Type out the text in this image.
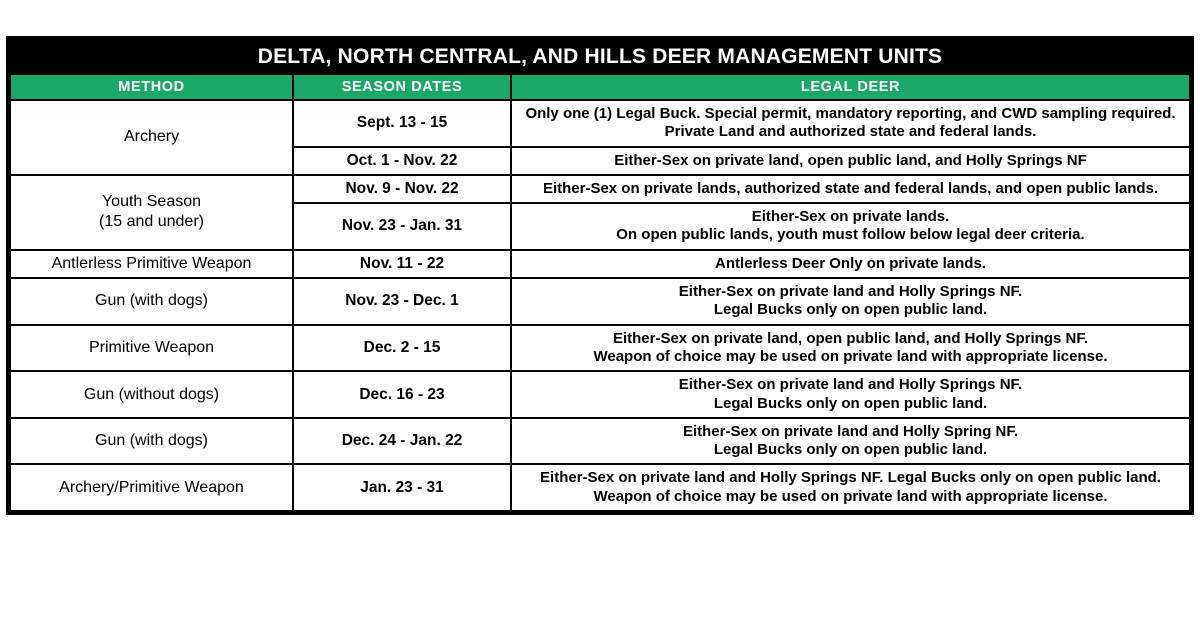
DELTA, NORTH CENTRAL, AND HILLS DEER MANAGEMENT UNITS		
METHOD	SEASON DATES	LEGAL DEER
Archery	Sept. 13 - 15	Only one (1) Legal Buck. Special permit, mandatory reporting, and CWD sampling required. Private Land and authorized state and federal lands.
	Oct. 1 - Nov. 22	Either-Sex on private land, open public land, and Holly Springs NF

Youth Season
(15 and under)	Nov. 9 - Nov. 22	Either-Sex on private lands, authorized state and federal lands, and open public lands.
	Nov. 23 - Jan. 31	Either-Sex on private lands.
On open public lands, youth must follow below legal deer criteria.

Antlerless Primitive Weapon	Nov. 11 - 22	Antlerless Deer Only on private lands.
Gun (with dogs)	Nov. 23 - Dec. 1	Either-Sex on private land and Holly Springs NF.
Legal Bucks only on open public land.

Primitive Weapon	Dec. 2 - 15	Either-Sex on private land, open public land, and Holly Springs NF.
Weapon of choice may be used on private land with appropriate license.

Gun (without dogs)	Dec. 16 - 23	Either-Sex on private land and Holly Springs NF.
Legal Bucks only on open public land.

Gun (with dogs)	Dec. 24 - Jan. 22	Either-Sex on private land and Holly Spring NF.
Legal Bucks only on open public land.

Archery/Primitive Weapon	Jan. 23 - 31	Either-Sex on private land and Holly Springs NF. Legal Bucks only on open public land. Weapon of choice may be used on private land with appropriate license.
